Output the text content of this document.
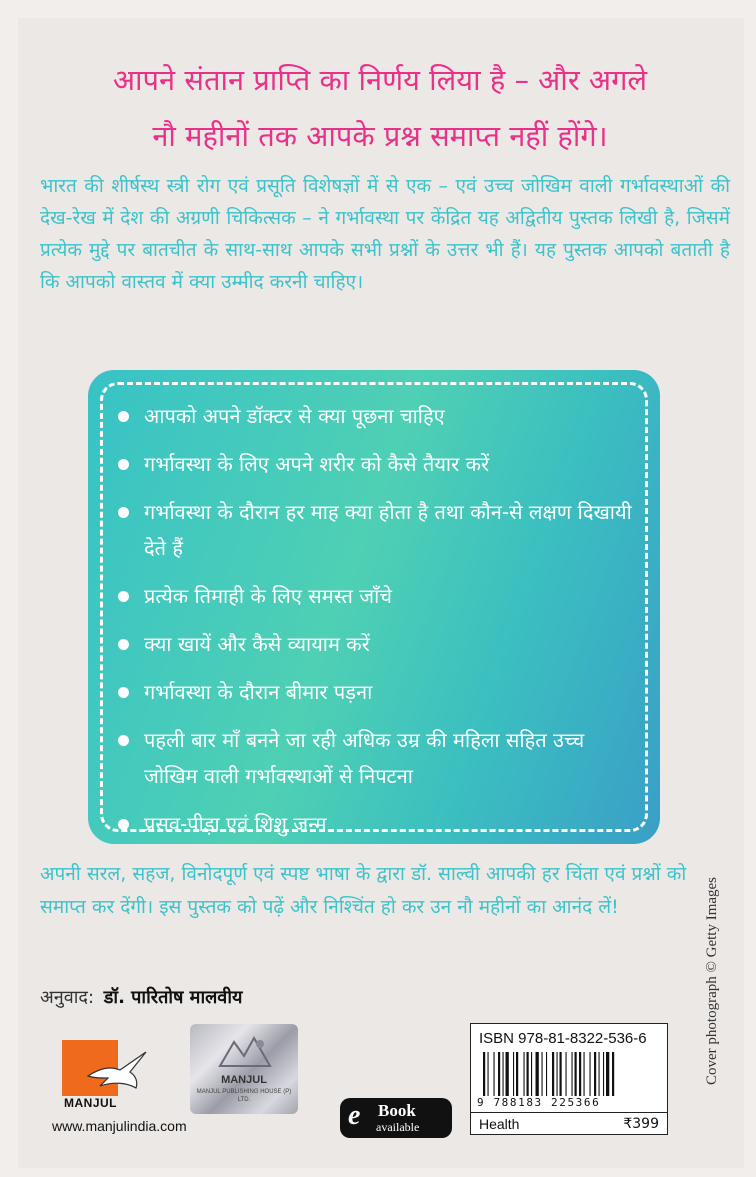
आपने संतान प्राप्ति का निर्णय लिया है – और अगले
नौ महीनों तक आपके प्रश्न समाप्त नहीं होंगे।

भारत की शीर्षस्थ स्त्री रोग एवं प्रसूति विशेषज्ञों में से एक – एवं उच्च जोखिम वाली गर्भावस्थाओं की देख-रेख में देश की अग्रणी चिकित्सक – ने गर्भावस्था पर केंद्रित यह अद्वितीय पुस्तक लिखी है, जिसमें प्रत्येक मुद्दे पर बातचीत के साथ-साथ आपके सभी प्रश्नों के उत्तर भी हैं। यह पुस्तक आपको बताती है कि आपको वास्तव में क्या उम्मीद करनी चाहिए।

आपको अपने डॉक्टर से क्या पूछना चाहिए
गर्भावस्था के लिए अपने शरीर को कैसे तैयार करें
गर्भावस्था के दौरान हर माह क्या होता है तथा कौन-से लक्षण दिखायी देते हैं
प्रत्येक तिमाही के लिए समस्त जाँचे
क्या खायें और कैसे व्यायाम करें
गर्भावस्था के दौरान बीमार पड़ना
पहली बार माँ बनने जा रही अधिक उम्र की महिला सहित उच्च जोखिम वाली गर्भावस्थाओं से निपटना
प्रसव-पीड़ा एवं शिशु जन्म

अपनी सरल, सहज, विनोदपूर्ण एवं स्पष्ट भाषा के द्वारा डॉ. साल्वी आपकी हर चिंता एवं प्रश्नों को समाप्त कर देंगी। इस पुस्तक को पढ़ें और निश्चिंत हो कर उन नौ महीनों का आनंद लें!

अनुवाद: डॉ. पारितोष मालवीय	Cover photograph © Getty Images
MANJUL
www.manjulindia.com
MANJUL
MANJUL PUBLISHING HOUSE (P) LTD.	e Book
available
ISBN 978-81-8322-536-6
9 788183 225366
Health	₹399
